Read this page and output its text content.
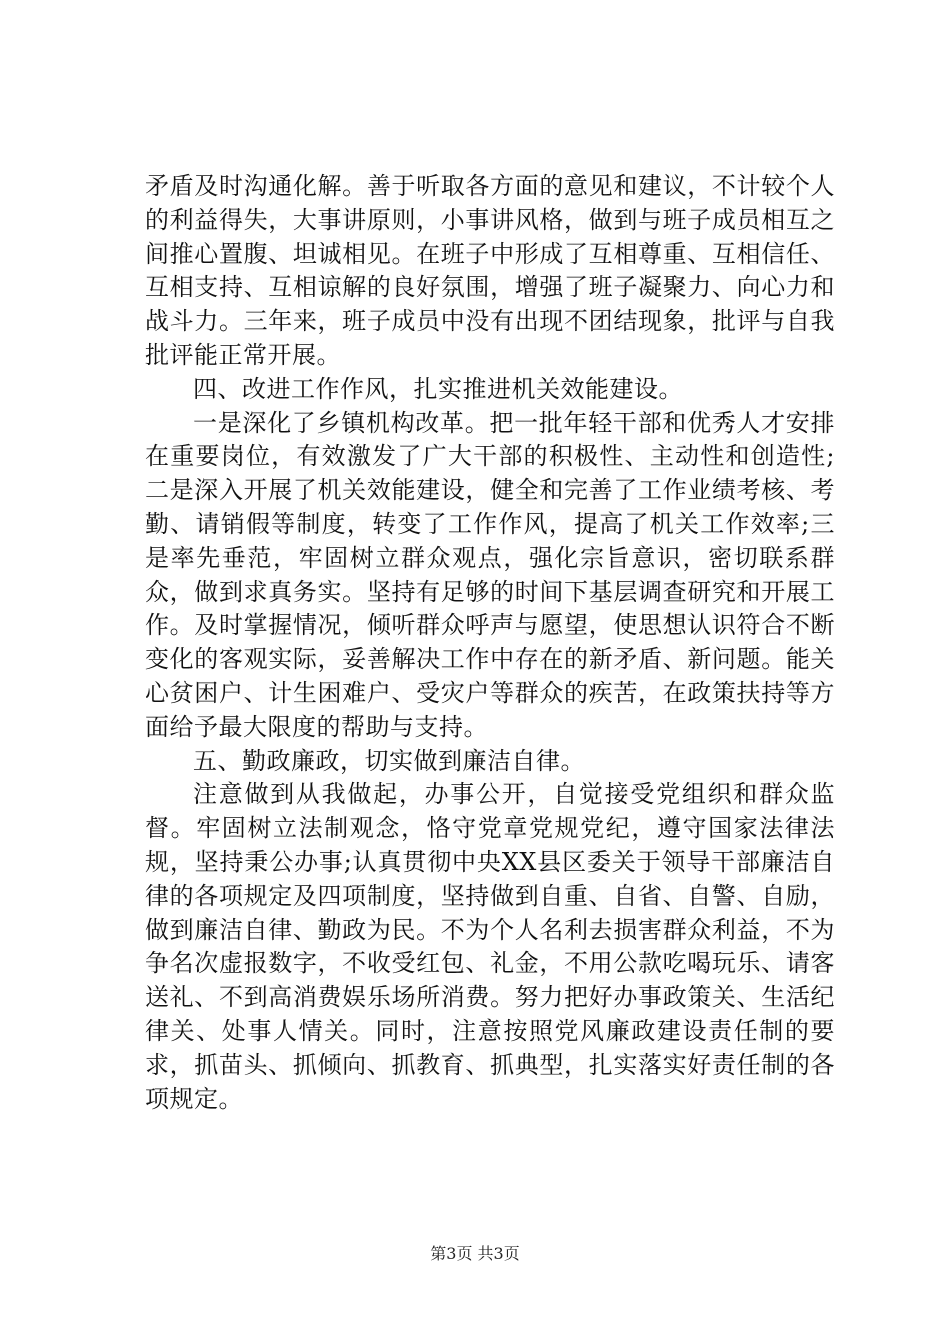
矛盾及时沟通化解。善于听取各方面的意见和建议，不计较个人的利益得失，大事讲原则，小事讲风格，做到与班子成员相互之间推心置腹、坦诚相见。在班子中形成了互相尊重、互相信任、互相支持、互相谅解的良好氛围，增强了班子凝聚力、向心力和战斗力。三年来，班子成员中没有出现不团结现象，批评与自我批评能正常开展。

四、改进工作作风，扎实推进机关效能建设。

一是深化了乡镇机构改革。把一批年轻干部和优秀人才安排在重要岗位，有效激发了广大干部的积极性、主动性和创造性;二是深入开展了机关效能建设，健全和完善了工作业绩考核、考勤、请销假等制度，转变了工作作风，提高了机关工作效率;三是率先垂范，牢固树立群众观点，强化宗旨意识，密切联系群众，做到求真务实。坚持有足够的时间下基层调查研究和开展工作。及时掌握情况，倾听群众呼声与愿望，使思想认识符合不断变化的客观实际，妥善解决工作中存在的新矛盾、新问题。能关心贫困户、计生困难户、受灾户等群众的疾苦，在政策扶持等方面给予最大限度的帮助与支持。

五、勤政廉政，切实做到廉洁自律。

注意做到从我做起，办事公开，自觉接受党组织和群众监督。牢固树立法制观念，恪守党章党规党纪，遵守国家法律法规，坚持秉公办事;认真贯彻中央XX县区委关于领导干部廉洁自律的各项规定及四项制度，坚持做到自重、自省、自警、自励，做到廉洁自律、勤政为民。不为个人名利去损害群众利益，不为争名次虚报数字，不收受红包、礼金，不用公款吃喝玩乐、请客送礼、不到高消费娱乐场所消费。努力把好办事政策关、生活纪律关、处事人情关。同时，注意按照党风廉政建设责任制的要求，抓苗头、抓倾向、抓教育、抓典型，扎实落实好责任制的各项规定。

第3页 共3页
